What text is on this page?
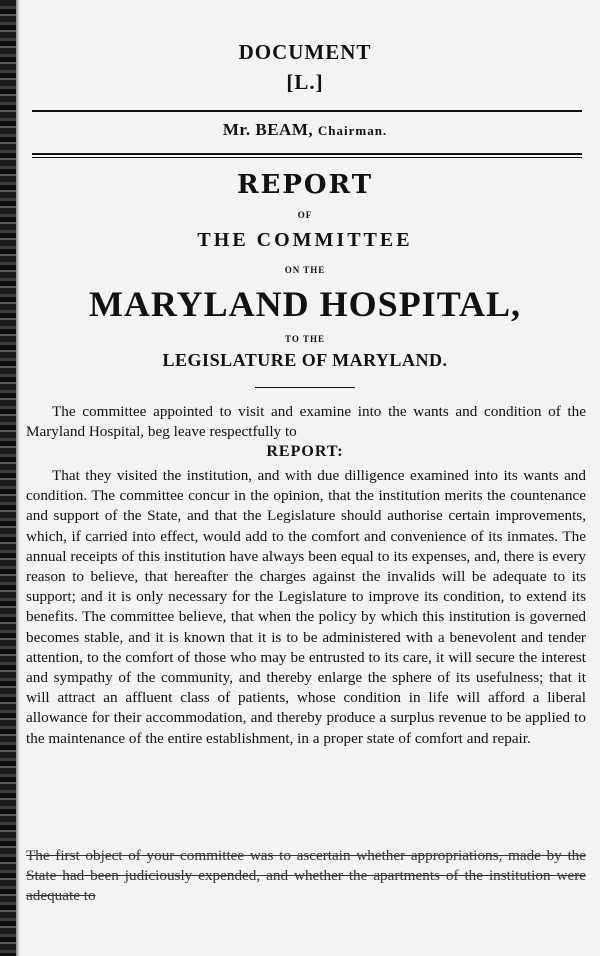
DOCUMENT
[L.]
Mr. BEAM, Chairman.
REPORT
OF
THE COMMITTEE
ON THE
MARYLAND HOSPITAL,
TO THE
LEGISLATURE OF MARYLAND.
The committee appointed to visit and examine into the wants and condition of the Maryland Hospital, beg leave respectfully to
REPORT:
That they visited the institution, and with due dilligence examined into its wants and condition. The committee concur in the opinion, that the institution merits the countenance and support of the State, and that the Legislature should authorise certain improvements, which, if carried into effect, would add to the comfort and convenience of its inmates. The annual receipts of this institution have always been equal to its expenses, and, there is every reason to believe, that hereafter the charges against the invalids will be adequate to its support; and it is only necessary for the Legislature to improve its condition, to extend its benefits. The committee believe, that when the policy by which this institution is governed becomes stable, and it is known that it is to be administered with a benevolent and tender attention, to the comfort of those who may be entrusted to its care, it will secure the interest and sympathy of the community, and thereby enlarge the sphere of its usefulness; that it will attract an affluent class of patients, whose condition in life will afford a liberal allowance for their accommodation, and thereby produce a surplus revenue to be applied to the maintenance of the entire establishment, in a proper state of comfort and repair.
The first object of your committee was to ascertain whether appropriations, made by the State had been judiciously expended, and whether the apartments of the institution were adequate to
